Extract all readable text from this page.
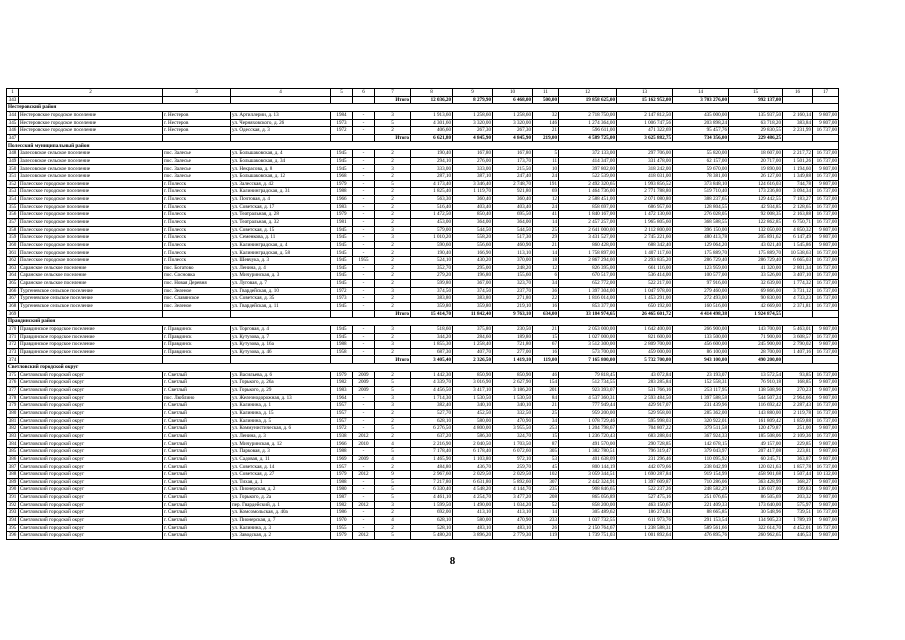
1	2	3	4	5	6	7	8	9	10	11	12	13	14	15	16	17
343						Итого	12 036,20	8 279,90	6 468,00	500,00	19 858 625,00	15 162 952,00	3 703 276,00	992 137,00		
Нестеровский район																
344	Нестеровское городское поселение	г. Нестеров	ул. Артиллерии, д. 13	1984	-	3	1 913,60	1 258,60	1 258,60	32	2 718 750,00	2 147 812,50	435 000,00	135 937,50	2 160,14	9 807,00
345	Нестеровское городское поселение	г. Нестеров	ул. Черняховского, д. 26	1973	-	5	4 301,60	3 320,00	3 320,00	146	1 274 364,00	1 006 747,56	203 898,24	63 718,20	383,84	9 807,00
346	Нестеровское городское поселение	г. Нестеров	ул. Одесская, д. 3	1972	-	2	406,60	267,30	267,30	21	596 611,00	471 322,69	95 457,76	29 830,55	2 231,99	16 737,00
347						Итого	6 621,80	4 845,90	4 845,90	219,00	4 589 725,00	3 625 882,75	734 356,00	229 486,25		
Полесский муниципальный район																
348	Залесовское сельское поселение	пос. Залесье	ул. Большаковская, д. 4	1945	-	2	190,40	167,80	167,80	5	372 133,00	297 706,00	55 820,00	18 607,00	2 217,72	16 737,00
349	Залесовское сельское поселение	пос. Залесье	ул. Большаковская, д. 34	1945	-	2	294,10	276,00	173,70	11	414 347,00	331 478,00	62 157,00	20 717,00	1 501,26	16 737,00
350	Залесовское сельское поселение	пос. Залесье	ул. Некрасова, д. 8	1945	-	3	333,00	333,00	215,50	10	397 802,00	318 242,00	59 670,00	19 890,00	1 194,60	9 807,00
351	Залесовское сельское поселение	пос. Залесье	ул. Большаковская, д. 12	1968	-	2	287,10	387,10	247,40	24	522 539,00	418 031,00	78 381,00	26 127,00	1 349,88	16 737,00
352	Полесское городское поселение	г. Полесск	ул. Залесская, д. 42	1979	-	5	4 173,40	3 346,40	2 748,70	191	2 492 320,65	1 993 856,52	373 848,10	124 616,03	744,78	9 807,00
353	Полесское городское поселение	г. Полесск	ул. Калининградская, д. 31	1988	-	2	1 825,40	1 119,70	921,80	69	1 464 736,00	2 771 788,80	519 710,40	173 236,80	3 094,34	16 737,00
354	Полесское городское поселение	г. Полесск	ул. Почтовая, д. 4	1966	-	2	563,30	360,40	360,40	12	2 588 451,00	2 071 080,80	388 237,65	129 442,55	7 183,27	16 737,00
355	Полесское городское поселение	г. Полесск	ул. Советская, д. 17	1983	-	2	516,40	403,40	403,40	24	858 697,00	686 957,60	128 804,55	42 934,85	2 128,65	16 737,00
356	Полесское городское поселение	г. Полесск	ул. Театральная, д. 28	1979	-	2	1 472,50	850,40	695,50	41	1 840 167,00	1 472 130,60	276 028,05	92 008,35	2 163,88	16 737,00
357	Полесское городское поселение	г. Полесск	ул. Театральная, д. 32	1981	-	2	453,00	364,00	364,00	14	2 457 257,00	1 965 805,60	368 588,55	122 862,85	6 750,71	16 737,00
358	Полесское городское поселение	г. Полесск	ул. Советская, д. 15	1945	-	3	579,00	544,50	544,50	25	2 641 000,00	2 112 800,00	396 150,00	132 050,00	4 850,32	9 807,00
359	Полесское городское поселение	г. Полесск	ул. Семенкова, д. 11	1945	-	3	1 010,20	558,20	517,30	29	3 431 527,00	2 745 221,60	480 413,78	205 891,62	6 147,49	9 807,00
360	Полесское городское поселение	г. Полесск	ул. Калининградская, д. 4	1945	-	2	590,60	556,60	460,90	21	860 428,00	688 342,40	129 064,20	43 021,40	1 545,86	9 807,00
361	Полесское городское поселение	г. Полесск	ул. Калининградская, д. 58	1945	-	2	190,40	166,90	113,10	14	1 758 897,00	1 407 117,60	175 889,70	175 889,70	10 538,63	16 737,00
362	Полесское городское поселение	г. Полесск	ул. Шевчука, д. 3	1945	1955	2	524,10	430,20	370,00	18	2 867 294,00	2 293 835,20	286 729,40	286 729,40	6 665,03	16 737,00
363	Саранское сельское поселение	пос. Богатово	ул. Ленина, д. 4	1945	-	2	352,70	295,00	248,20	12	826 395,00	661 116,00	123 959,00	41 320,00	2 801,34	16 737,00
364	Саранское сельское поселение	пос. Сосновка	ул. Мичуринская, д. 3	1945	-	2	279,20	196,80	155,60	6	670 517,00	536 414,00	100 577,00	33 526,00	3 407,10	16 737,00
365	Саранское сельское поселение	пос. Новая Деревня	ул. Луговая, д. 7	1945	-	2	599,80	367,00	323,70	34	652 772,00	522 217,00	97 916,00	32 639,00	1 774,32	16 737,00
366	Тургеневское сельское поселение	пос. Зеленое	ул. Гвардейская, д. 10	1972	-	3	374,50	374,50	237,70	36	1 397 304,00	1 047 978,00	279 460,00	69 866,00	3 731,12	16 737,00
367	Тургеневское сельское поселение	пос. Славянское	ул. Советская, д. 35	1973	-	2	383,80	383,80	271,80	22	1 816 014,00	1 453 291,00	272 493,00	90 830,00	4 733,23	16 737,00
368	Тургеневское сельское поселение	пос. Зеленое	ул. Гвардейская, д. 11	1945	-	2	359,80	359,80	219,10	16	853 377,00	650 192,00	160 516,00	42 669,00	2 371,81	16 737,00
369						Итого	15 414,70	11 842,40	9 763,10	634,00	33 184 974,65	26 465 601,72	4 414 498,38	1 924 874,55		
Правдинский район																
370	Правдинское городское поселение	г. Правдинск	ул. Торговая, д. 4	1945	-	3	518,60	375,80	230,50	21	2 053 000,00	1 642 400,00	266 900,00	143 700,00	5 463,01	9 807,00
371	Правдинское городское поселение	г. Правдинск	ул. Кутузова, д. 7	1945	-	2	344,20	284,60	189,80	15	1 027 000,00	821 600,00	133 500,00	71 900,00	3 608,57	16 737,00
372	Правдинское городское поселение	г. Правдинск	ул. Кутузова, д. 16а	1988	-	3	1 855,30	1 258,40	721,80	67	3 512 300,00	2 809 700,00	456 600,00	245 900,00	2 790,02	9 807,00
373	Правдинское городское поселение	г. Правдинск	ул. Кутузова, д. 46	1958	-	2	687,30	407,70	277,00	16	573 700,00	459 000,00	86 100,00	28 700,00	1 407,16	16 737,00
374						Итого	3 405,40	2 326,50	1 419,10	119,00	7 165 800,00	5 732 700,00	943 100,00	490 200,00		
Светловский городской округ																
375	Светловский городской округ	г. Светлый	ул. Васильева, д. 6	1979	2009	2	1 442,30	850,90	850,90	46	79 818,45	43 072,84	23 193,07	13 572,54	93,85	16 737,00
376	Светловский городской округ	г. Светлый	ул. Горького, д. 26а	1982	2009	5	4 339,70	3 016,90	2 627,90	154	512 734,55	283 285,84	152 558,31	76 910,18	168,85	9 807,00
377	Светловский городской округ	г. Светлый	ул. Горького, д. 29	1983	2009	5	4 456,50	3 417,10	3 186,20	201	923 393,07	531 766,16	253 117,95	138 508,96	270,23	9 807,00
378	Светловский городской округ	пос. Люблино	ул. Железнодорожная, д. 13	1964	-	3	1 714,30	1 530,50	1 530,50	84	4 537 360,31	2 593 484,50	1 397 588,58	544 507,24	2 964,66	9 807,00
379	Светловский городской округ	г. Светлый	ул. Калинина, д. 1	1957	-	3	382,40	340,10	340,10	21	777 949,44	429 917,07	231 439,96	116 692,42	2 287,43	16 737,00
380	Светловский городской округ	г. Светлый	ул. Калинина, д. 15	1957	-	2	527,70	452,50	332,50	25	959 200,00	529 958,00	285 362,00	143 880,00	2 119,78	16 737,00
381	Светловский городской округ	г. Светлый	ул. Калинина, д. 5	1957	-	2	628,10	580,00	470,90	34	1 078 729,46	595 998,03	320 922,01	161 809,42	1 859,88	16 737,00
382	Светловский городской округ	г. Светлый	ул. Коммунистическая, д. 6	1972	-	5	6 276,50	4 800,00	3 955,50	253	1 204 798,67	704 807,22	379 511,58	120 479,87	251,00	9 807,00
383	Светловский городской округ	г. Светлый	ул. Ленина, д. 3	1938	2012	2	637,20	586,30	324,70	15	1 236 720,43	683 288,04	367 924,33	185 508,06	2 109,36	16 737,00
384	Светловский городской округ	г. Светлый	ул. Мичуринская, д. 12	1966	2010	4	2 216,90	2 040,50	1 703,50	87	491 570,00	290 728,85	142 678,15	49 157,00	229,85	9 807,00
385	Светловский городской округ	г. Светлый	ул. Парковая, д. 3	1988	-	5	7 178,40	6 178,40	6 072,60	305	1 382 780,51	796 319,47	379 043,97	207 417,08	223,81	9 807,00
386	Светловский городской округ	г. Светлый	ул. Садовая, д. 11	1969	2009	4	1 465,90	1 103,80	972,10	53	401 638,09	231 296,46	110 095,92	60 245,71	363,87	9 807,00
387	Светловский городской округ	г. Светлый	ул. Советская, д. 14	1957	-	2	484,80	436,70	259,70	45	800 144,19	442 079,66	238 042,99	120 021,63	1 857,78	16 737,00
388	Светловский городской округ	г. Светлый	ул. Советская, д. 27	1979	2012	9	2 967,60	2 029,50	2 029,50	102	3 059 344,51	1 690 287,84	919 154,99	458 901,68	1 507,44	10 132,00
389	Светловский городской округ	г. Светлый	ул. Тихая, д. 1	1988	-	5	7 217,80	6 631,80	5 892,60	307	2 442 324,91	1 397 609,87	710 286,06	363 428,99	368,27	9 807,00
390	Светловский городской округ	г. Светлый	ул. Пионерская, д. 2	1980	-	5	6 330,40	4 548,20	4 144,70	235	908 846,65	522 237,26	248 582,29	136 037,00	199,83	9 807,00
391	Светловский городской округ	г. Светлый	ул. Горького, д. 2а	1987	-	5	4 461,10	4 254,70	3 477,20	208	865 056,89	527 475,16	251 076,65	86 505,69	203,32	9 807,00
392	Светловский городской округ	г. Светлый	пер. Гвардейский, д. 1	1982	2012	3	1 599,50	1 490,00	1 034,20	52	858 200,00	463 150,67	221 409,33	173 640,00	575,97	9 807,00
393	Светловский городской округ	г. Светлый	ул. Комсомольская, д. 40а	1986	-	2	692,00	413,10	413,10	14	305 489,62	186 274,81	88 665,85	30 548,96	739,51	16 737,00
394	Светловский городской округ	г. Светлый	ул. Пионерская, д. 7	1970	-	4	628,10	580,00	470,90	233	1 037 732,55	611 973,76	291 153,54	134 905,23	1 789,19	9 807,00
395	Светловский городской округ	г. Светлый	ул. Калинина, д. 3	1955	-	2	528,10	483,10	483,10	26	2 150 764,67	1 238 588,31	589 561,66	322 614,70	4 452,01	16 737,00
396	Светловский городской округ	г. Светлый	ул. Заводская, д. 2	1979	2012	5	5 480,20	3 896,20	2 779,30	119	1 739 751,03	1 001 892,64	476 895,76	260 962,65	446,53	9 807,00
8
